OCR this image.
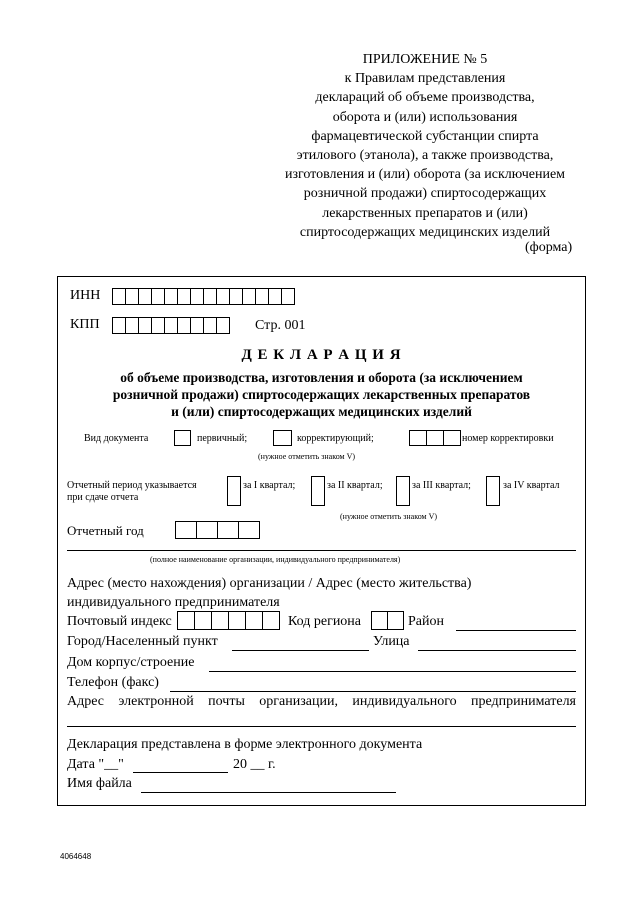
ПРИЛОЖЕНИЕ № 5
к Правилам представления
деклараций об объеме производства,
оборота и (или) использования
фармацевтической субстанции спирта
этилового (этанола), а также производства,
изготовления и (или) оборота (за исключением
розничной продажи) спиртосодержащих
лекарственных препаратов и (или)
спиртосодержащих медицинских изделий
(форма)
ИНН
КПП	Стр. 001
Д Е К Л А Р А Ц И Я
об объеме производства, изготовления и оборота (за исключением
розничной продажи) спиртосодержащих лекарственных препаратов
и (или) спиртосодержащих медицинских изделий
Вид документа	первичный;	корректирующий;	номер корректировки
(нужное отметить знаком V)
Отчетный период указывается
при сдаче отчета
за I квартал;	за II квартал;	за III квартал;	за IV квартал
(нужное отметить знаком V)
Отчетный год
(полное наименование организации, индивидуального предпринимателя)
Адрес (место нахождения) организации / Адрес (место жительства)
индивидуального предпринимателя
Почтовый индекс	Код региона	Район
Город/Населенный пункт	Улица
Дом корпус/строение
Телефон (факс)
Адрес электронной почты организации, индивидуального предпринимателя
Декларация представлена в форме электронного документа
Дата "__"	20 __ г.
Имя файла
4064648
